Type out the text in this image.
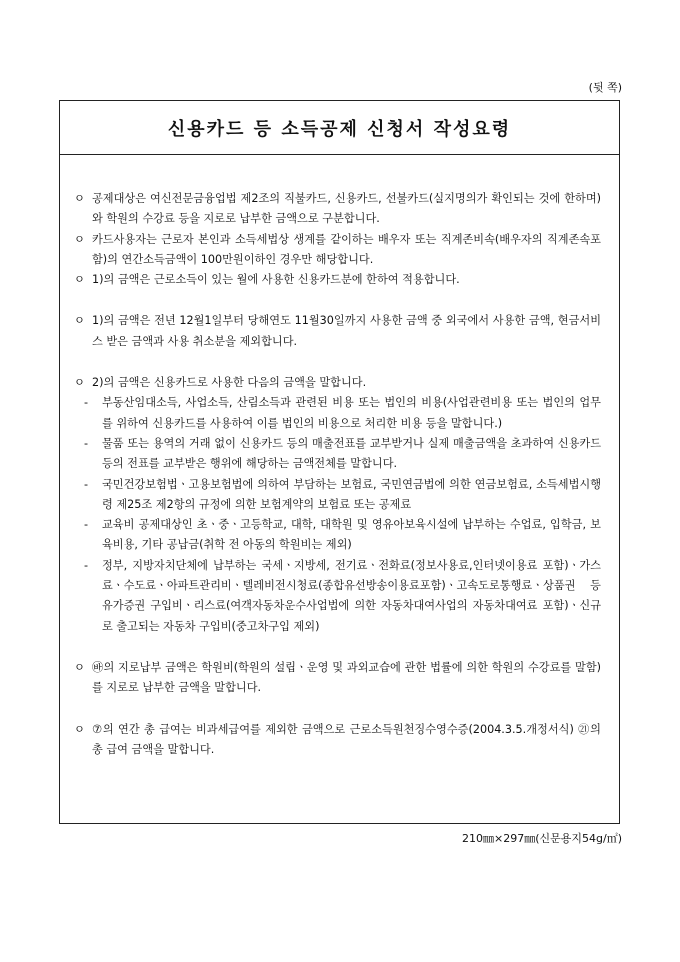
(뒷 쪽)
신용카드 등 소득공제 신청서 작성요령
ㅇ 공제대상은 여신전문금융업법 제2조의 직불카드, 신용카드, 선불카드(실지명의가 확인되는 것에 한하며)와 학원의 수강료 등을 지로로 납부한 금액으로 구분합니다.
ㅇ 카드사용자는 근로자 본인과 소득세법상 생계를 같이하는 배우자 또는 직계존비속(배우자의 직계존속포함)의 연간소득금액이 100만원이하인 경우만 해당합니다.
ㅇ 1)의 금액은 근로소득이 있는 월에 사용한 신용카드분에 한하여 적용합니다.
ㅇ 1)의 금액은 전년 12월1일부터 당해연도 11월30일까지 사용한 금액 중 외국에서 사용한 금액, 현금서비스 받은 금액과 사용 취소분을 제외합니다.
ㅇ 2)의 금액은 신용카드로 사용한 다음의 금액을 말합니다.
- 부동산임대소득, 사업소득, 산림소득과 관련된 비용 또는 법인의 비용(사업관련비용 또는 법인의 업무를 위하여 신용카드를 사용하여 이를 법인의 비용으로 처리한 비용 등을 말합니다.)
- 물품 또는 용역의 거래 없이 신용카드 등의 매출전표를 교부받거나 실제 매출금액을 초과하여 신용카드 등의 전표를 교부받은 행위에 해당하는 금액전체를 말합니다.
- 국민건강보험법ㆍ고용보험법에 의하여 부담하는 보험료, 국민연금법에 의한 연금보험료, 소득세법시행령 제25조 제2항의 규정에 의한 보험계약의 보험료 또는 공제료
- 교육비 공제대상인 초ㆍ중ㆍ고등학교, 대학, 대학원 및 영유아보육시설에 납부하는 수업료, 입학금, 보육비용, 기타 공납금(취학 전 아동의 학원비는 제외)
- 정부, 지방자치단체에 납부하는 국세ㆍ지방세, 전기료ㆍ전화료(정보사용료,인터넷이용료 포함)ㆍ가스료ㆍ수도료ㆍ아파트관리비ㆍ텔레비전시청료(종합유선방송이용료포함)ㆍ고속도로통행료ㆍ상품권 등 유가증권 구입비ㆍ리스료(여객자동차운수사업법에 의한 자동차대여사업의 자동차대여료 포함)ㆍ신규로 출고되는 자동차 구입비(중고차구입 제외)
ㅇ ㉳의 지로납부 금액은 학원비(학원의 설립ㆍ운영 및 과외교습에 관한 법률에 의한 학원의 수강료를 말함)를 지로로 납부한 금액을 말합니다.
ㅇ ⑦의 연간 총 급여는 비과세급여를 제외한 금액으로 근로소득원천징수영수증(2004.3.5.개정서식) ㉑의 총 급여 금액을 말합니다.
210㎜×297㎜(신문용지54g/㎡)
